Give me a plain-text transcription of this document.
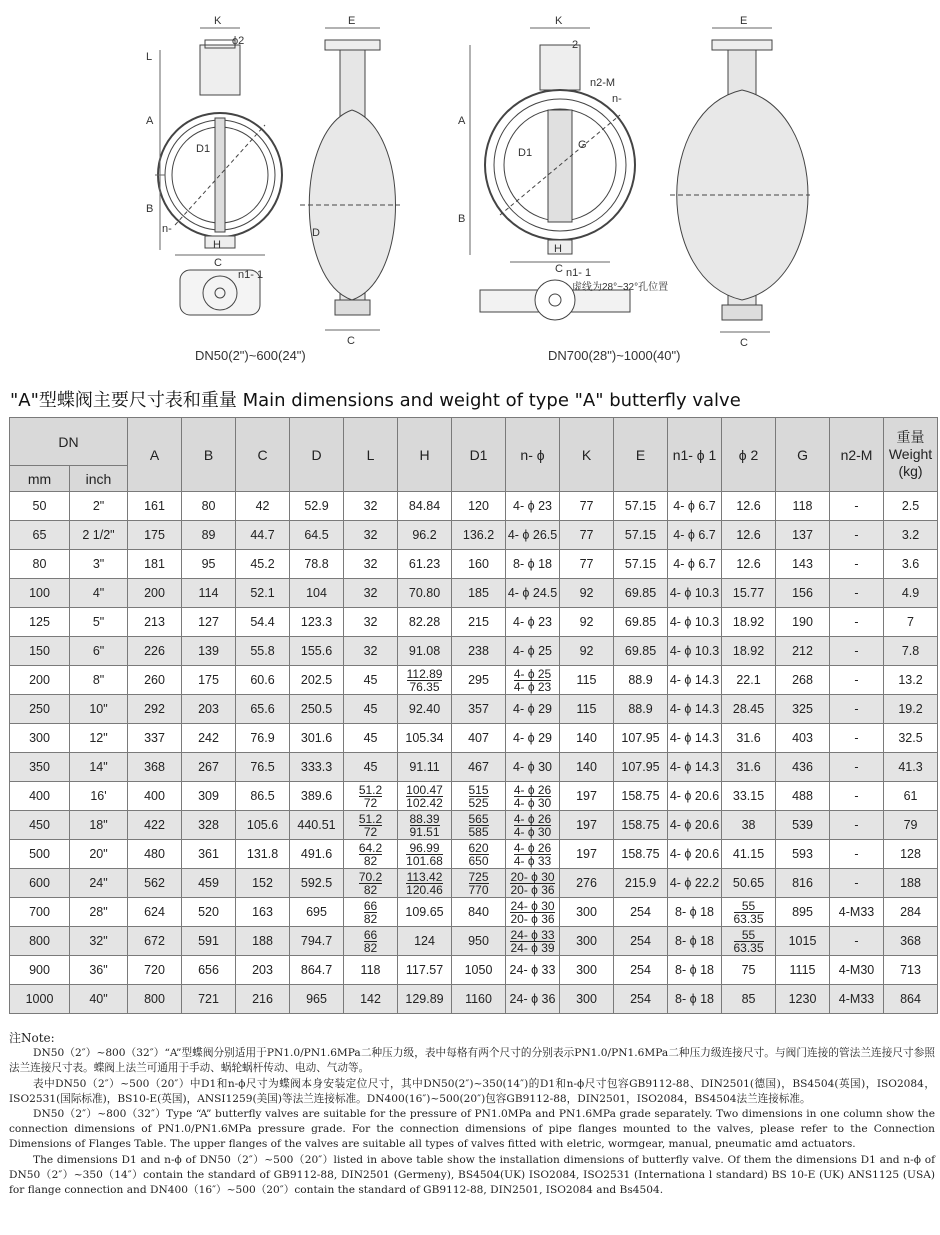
K
ϕ2
L
A
B
D1
n-
H
C
E
D
n1- 1
C
K
2
n2-M
n-
A
B
D1
G
H
C
E
n1- 1
虚线为28°~32°孔位置
C
DN50(2")~600(24")	DN700(28")~1000(40")
"A"型蝶阀主要尺寸表和重量 Main dimensions and weight of type "A" butterfly valve
DN		A	B	C	D	L	H	D1	n- ϕ	K	E	n1- ϕ 1	ϕ 2	G	n2-M	重量 Weight (kg)
mm	inch															
50	2"	161	80	42	52.9	32	84.84	120	4- ϕ 23	77	57.15	4- ϕ 6.7	12.6	118	-	2.5
65	2 1/2"	175	89	44.7	64.5	32	96.2	136.2	4- ϕ 26.5	77	57.15	4- ϕ 6.7	12.6	137	-	3.2
80	3"	181	95	45.2	78.8	32	61.23	160	8- ϕ 18	77	57.15	4- ϕ 6.7	12.6	143	-	3.6
100	4"	200	114	52.1	104	32	70.80	185	4- ϕ 24.5	92	69.85	4- ϕ 10.3	15.77	156	-	4.9
125	5"	213	127	54.4	123.3	32	82.28	215	4- ϕ 23	92	69.85	4- ϕ 10.3	18.92	190	-	7
150	6"	226	139	55.8	155.6	32	91.08	238	4- ϕ 25	92	69.85	4- ϕ 10.3	18.92	212	-	7.8
200	8"	260	175	60.6	202.5	45	$\frac{112.89}{76.35}$	295	$\frac{4- \phi 25}{4- \phi 23}$	115	88.9	4- ϕ 14.3	22.1	268	-	13.2
250	10"	292	203	65.6	250.5	45	92.40	357	4- ϕ 29	115	88.9	4- ϕ 14.3	28.45	325	-	19.2
300	12"	337	242	76.9	301.6	45	105.34	407	4- ϕ 29	140	107.95	4- ϕ 14.3	31.6	403	-	32.5
350	14"	368	267	76.5	333.3	45	91.11	467	4- ϕ 30	140	107.95	4- ϕ 14.3	31.6	436	-	41.3
400	16'	400	309	86.5	389.6	$\frac{51.2}{72}$	$\frac{100.47}{102.42}$	$\frac{515}{525}$	$\frac{4- \phi 26}{4- \phi 30}$	197	158.75	4- ϕ 20.6	33.15	488	-	61
450	18"	422	328	105.6	440.51	$\frac{51.2}{72}$	$\frac{88.39}{91.51}$	$\frac{565}{585}$	$\frac{4- \phi 26}{4- \phi 30}$	197	158.75	4- ϕ 20.6	38	539	-	79
500	20"	480	361	131.8	491.6	$\frac{64.2}{82}$	$\frac{96.99}{101.68}$	$\frac{620}{650}$	$\frac{4- \phi 26}{4- \phi 33}$	197	158.75	4- ϕ 20.6	41.15	593	-	128
600	24"	562	459	152	592.5	$\frac{70.2}{82}$	$\frac{113.42}{120.46}$	$\frac{725}{770}$	$\frac{20- \phi 30}{20- \phi 36}$	276	215.9	4- ϕ 22.2	50.65	816	-	188
700	28"	624	520	163	695	$\frac{66}{82}$	109.65	840	$\frac{24- \phi 30}{20- \phi 36}$	300	254	8- ϕ 18	$\frac{55}{63.35}$	895	4-M33	284
800	32"	672	591	188	794.7	$\frac{66}{82}$	124	950	$\frac{24- \phi 33}{24- \phi 39}$	300	254	8- ϕ 18	$\frac{55}{63.35}$	1015	-	368
900	36"	720	656	203	864.7	118	117.57	1050	24- ϕ 33	300	254	8- ϕ 18	75	1115	4-M30	713
1000	40"	800	721	216	965	142	129.89	1160	24- ϕ 36	300	254	8- ϕ 18	85	1230	4-M33	864

注Note:

DN50（2″）~800（32″）“A”型蝶阀分别适用于PN1.0/PN1.6MPa二种压力级，表中每格有两个尺寸的分别表示PN1.0/PN1.6MPa二种压力级连接尺寸。与阀门连接的管法兰连接尺寸参照法兰连接尺寸表。蝶阀上法兰可通用于手动、蜗轮蜗杆传动、电动、气动等。

表中DN50（2″）~500（20″）中D1和n-ϕ尺寸为蝶阀本身安装定位尺寸，其中DN50(2″)~350(14″)的D1和n-ϕ尺寸包容GB9112-88、DIN2501(德国)，BS4504(英国)，ISO2084，ISO2531(国际标准)，BS10-E(英国)，ANSI1259(美国)等法兰连接标准。DN400(16″)~500(20″)包容GB9112-88，DIN2501，ISO2084，BS4504法兰连接标准。

DN50（2″）~800（32″）Type “A” butterfly valves are suitable for the pressure of PN1.0MPa and PN1.6MPa grade separately. Two dimensions in one column show the connection dimensions of PN1.0/PN1.6MPa pressure grade. For the connection dimensions of pipe flanges mounted to the valves, please refer to the Connection Dimensions of Flanges Table. The upper flanges of the valves are suitable all types of valves fitted with eletric, wormgear, manual, pneumatic amd actuators.

The dimensions D1 and n-ϕ of DN50（2″）~500（20″）listed in above table show the installation dimensions of butterfly valve. Of them the dimensions D1 and n-ϕ of DN50（2″）~350（14″）contain the standard of GB9112-88, DIN2501 (Germeny), BS4504(UK) ISO2084, ISO2531 (Internationa l standard) BS 10-E (UK) ANS1125 (USA) for flange connection and DN400（16″）~500（20″）contain the standard of GB9112-88, DIN2501, ISO2084 and Bs4504.
